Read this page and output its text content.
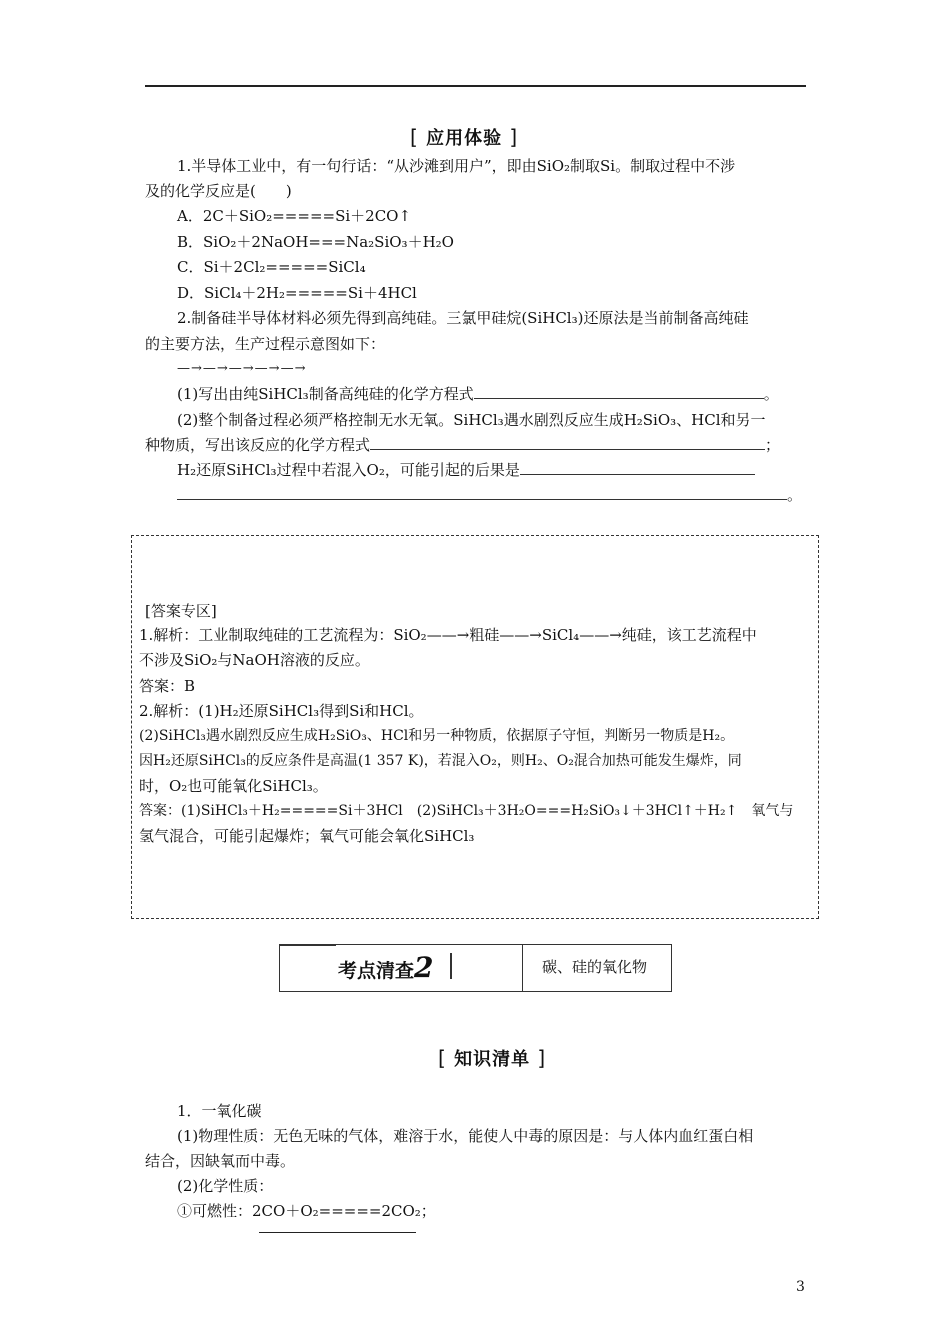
[ 应用体验 ]
1.半导体工业中，有一句行话：“从沙滩到用户”，即由SiO₂制取Si。制取过程中不涉
及的化学反应是(　　)
A．2C＋SiO₂=====Si＋2CO↑
B．SiO₂＋2NaOH===Na₂SiO₃＋H₂O
C．Si＋2Cl₂=====SiCl₄
D．SiCl₄＋2H₂=====Si＋4HCl
2.制备硅半导体材料必须先得到高纯硅。三氯甲硅烷(SiHCl₃)还原法是当前制备高纯硅
的主要方法，生产过程示意图如下：
—→—→—→—→—→
(1)写出由纯SiHCl₃制备高纯硅的化学方程式	。
(2)整个制备过程必须严格控制无水无氧。SiHCl₃遇水剧烈反应生成H₂SiO₃、HCl和另一
种物质，写出该反应的化学方程式	；
H₂还原SiHCl₃过程中若混入O₂，可能引起的后果是
。
[答案专区]
1.解析：工业制取纯硅的工艺流程为：SiO₂——→粗硅——→SiCl₄——→纯硅，该工艺流程中
不涉及SiO₂与NaOH溶液的反应。
答案：B
2.解析：(1)H₂还原SiHCl₃得到Si和HCl。
(2)SiHCl₃遇水剧烈反应生成H₂SiO₃、HCl和另一种物质，依据原子守恒，判断另一物质是H₂。
因H₂还原SiHCl₃的反应条件是高温(1 357 K)，若混入O₂，则H₂、O₂混合加热可能发生爆炸，同
时，O₂也可能氧化SiHCl₃。
答案：(1)SiHCl₃＋H₂=====Si＋3HCl　(2)SiHCl₃＋3H₂O===H₂SiO₃↓＋3HCl↑＋H₂↑　氧气与
氢气混合，可能引起爆炸；氧气可能会氧化SiHCl₃
考点清查2	碳、硅的氧化物
[ 知识清单 ]
1．一氧化碳
(1)物理性质：无色无味的气体，难溶于水，能使人中毒的原因是：与人体内血红蛋白相
结合，因缺氧而中毒。
(2)化学性质：
①可燃性：2CO＋O₂=====2CO₂；
3
